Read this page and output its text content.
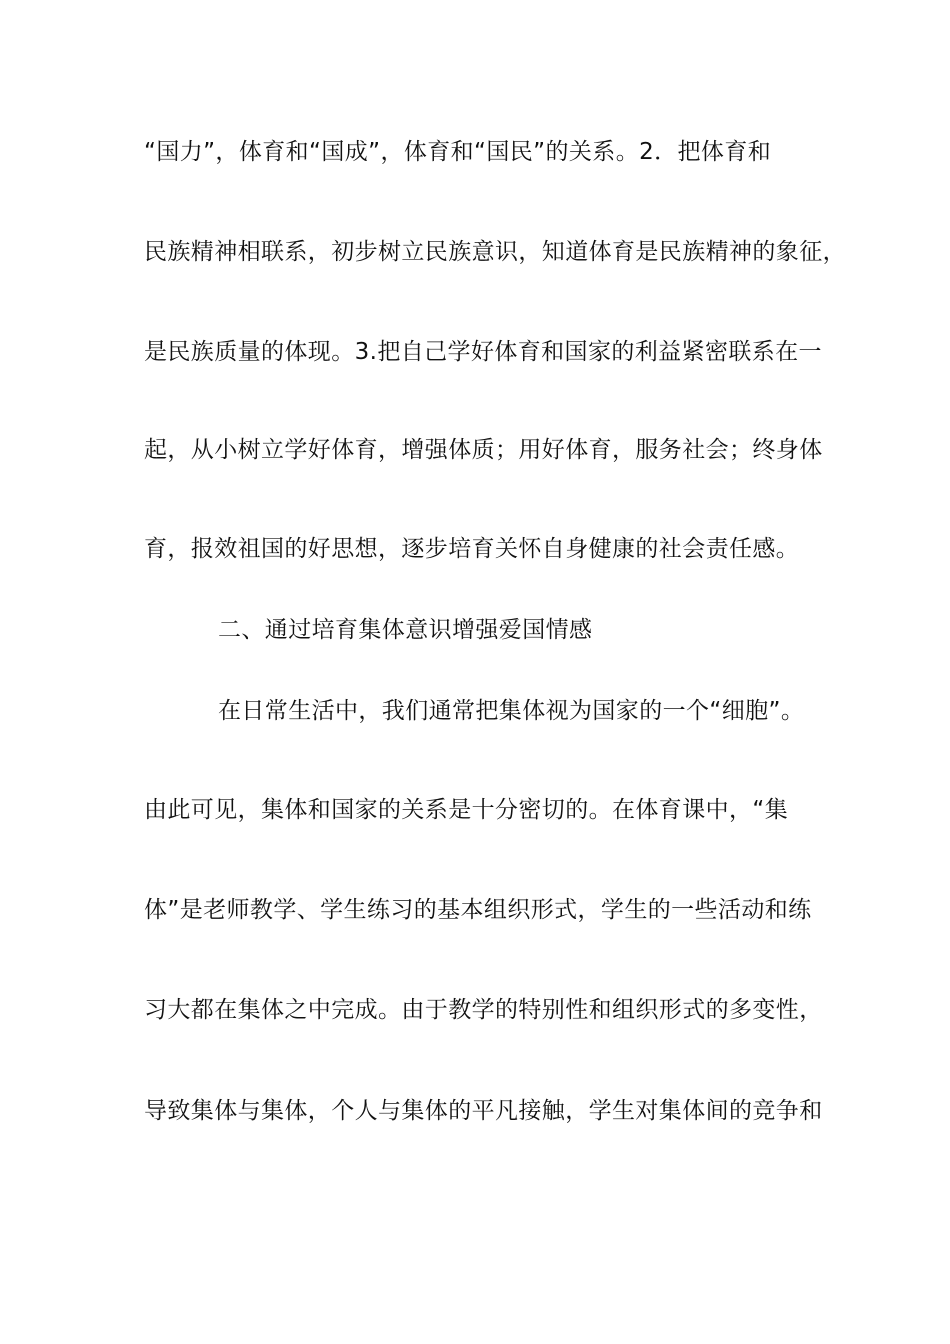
“国力”，体育和“国成”，体育和“国民”的关系。2．把体育和
民族精神相联系，初步树立民族意识，知道体育是民族精神的象征，
是民族质量的体现。3.把自己学好体育和国家的利益紧密联系在一
起，从小树立学好体育，增强体质；用好体育，服务社会；终身体
育，报效祖国的好思想，逐步培育关怀自身健康的社会责任感。
二、通过培育集体意识增强爱国情感
在日常生活中，我们通常把集体视为国家的一个“细胞”。
由此可见，集体和国家的关系是十分密切的。在体育课中，“集
体”是老师教学、学生练习的基本组织形式，学生的一些活动和练
习大都在集体之中完成。由于教学的特别性和组织形式的多变性，
导致集体与集体，个人与集体的平凡接触，学生对集体间的竞争和
